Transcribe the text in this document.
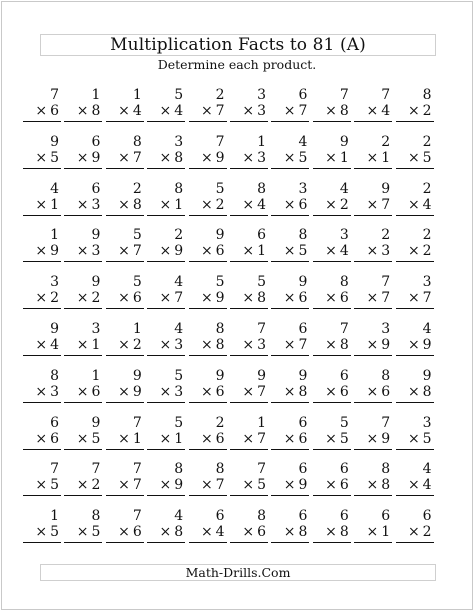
Multiplication Facts to 81 (A)
Determine each product.
7
× 6
1
× 8
1
× 4
5
× 4
2
× 7
3
× 3
6
× 7
7
× 8
7
× 4
8
× 2
9
× 5
6
× 9
8
× 7
3
× 8
7
× 9
1
× 3
4
× 5
9
× 1
2
× 1
2
× 5
4
× 1
6
× 3
2
× 8
8
× 1
5
× 2
8
× 4
3
× 6
4
× 2
9
× 7
2
× 4
1
× 9
9
× 3
5
× 7
2
× 9
9
× 6
6
× 1
8
× 5
3
× 4
2
× 3
2
× 2
3
× 2
9
× 2
5
× 6
4
× 7
5
× 9
5
× 8
9
× 6
8
× 6
7
× 7
3
× 7
9
× 4
3
× 1
1
× 2
4
× 3
8
× 8
7
× 3
6
× 7
7
× 8
3
× 9
4
× 9
8
× 3
1
× 6
9
× 9
5
× 3
9
× 6
9
× 7
9
× 8
6
× 6
8
× 6
9
× 8
6
× 6
9
× 5
7
× 1
5
× 1
2
× 6
1
× 7
6
× 6
5
× 5
7
× 9
3
× 5
7
× 5
7
× 2
7
× 7
8
× 9
8
× 7
7
× 5
6
× 9
6
× 6
8
× 8
4
× 4
1
× 5
8
× 5
7
× 6
4
× 8
6
× 4
8
× 6
6
× 8
6
× 8
6
× 1
6
× 2
Math-Drills.Com
